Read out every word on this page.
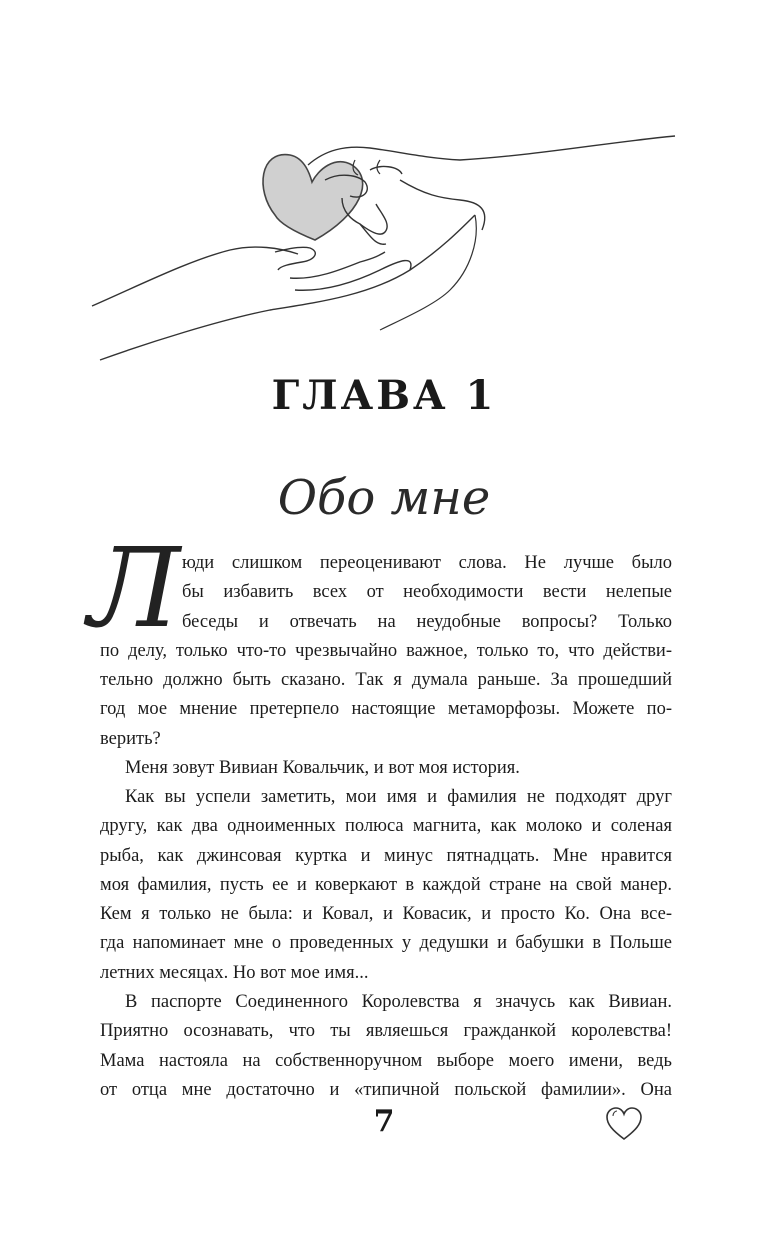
ГЛАВА 1
Обо мне
Л юди слишком переоценивают слова. Не лучше было
бы избавить всех от необходимости вести нелепые
беседы и отвечать на неудобные вопросы? Только
по делу, только что-то чрезвычайно важное, только то, что действи-
тельно должно быть сказано. Так я думала раньше. За прошедший
год мое мнение претерпело настоящие метаморфозы. Можете по-
верить?
Меня зовут Вивиан Ковальчик, и вот моя история.
Как вы успели заметить, мои имя и фамилия не подходят друг
другу, как два одноименных полюса магнита, как молоко и соленая
рыба, как джинсовая куртка и минус пятнадцать. Мне нравится
моя фамилия, пусть ее и коверкают в каждой стране на свой манер.
Кем я только не была: и Ковал, и Ковасик, и просто Ко. Она все-
гда напоминает мне о проведенных у дедушки и бабушки в Польше
летних месяцах. Но вот мое имя...
В паспорте Соединенного Королевства я значусь как Вивиан.
Приятно осознавать, что ты являешься гражданкой королевства!
Мама настояла на собственноручном выборе моего имени, ведь
от отца мне достаточно и «типичной польской фамилии». Она
7
